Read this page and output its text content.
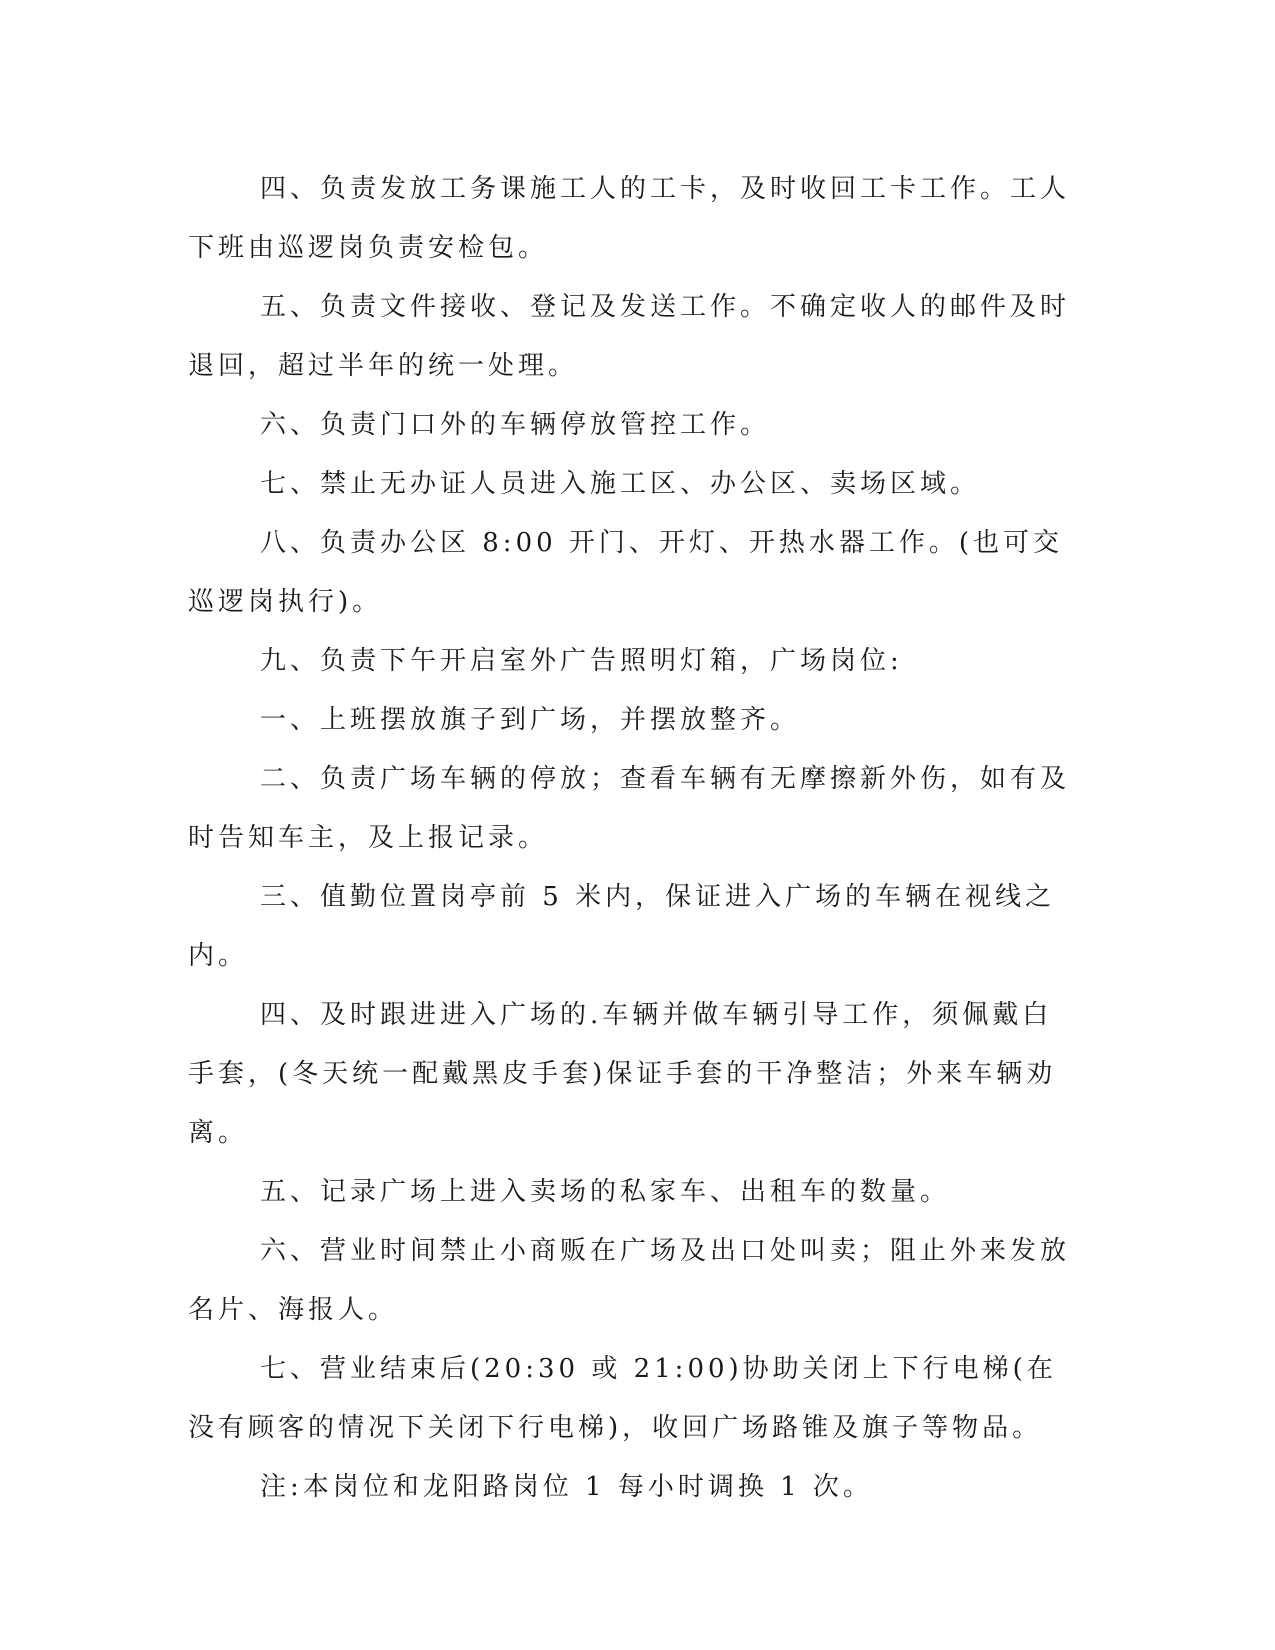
四、负责发放工务课施工人的工卡，及时收回工卡工作。工人下班由巡逻岗负责安检包。

五、负责文件接收、登记及发送工作。不确定收人的邮件及时退回，超过半年的统一处理。

六、负责门口外的车辆停放管控工作。

七、禁止无办证人员进入施工区、办公区、卖场区域。

八、负责办公区 8:00 开门、开灯、开热水器工作。(也可交巡逻岗执行)。

九、负责下午开启室外广告照明灯箱，广场岗位:

一、上班摆放旗子到广场，并摆放整齐。

二、负责广场车辆的停放；查看车辆有无摩擦新外伤，如有及时告知车主，及上报记录。

三、值勤位置岗亭前 5 米内，保证进入广场的车辆在视线之内。

四、及时跟进进入广场的.车辆并做车辆引导工作，须佩戴白手套，(冬天统一配戴黑皮手套)保证手套的干净整洁；外来车辆劝离。

五、记录广场上进入卖场的私家车、出租车的数量。

六、营业时间禁止小商贩在广场及出口处叫卖；阻止外来发放名片、海报人。

七、营业结束后(20:30 或 21:00)协助关闭上下行电梯(在没有顾客的情况下关闭下行电梯)，收回广场路锥及旗子等物品。

注:本岗位和龙阳路岗位 1 每小时调换 1 次。
